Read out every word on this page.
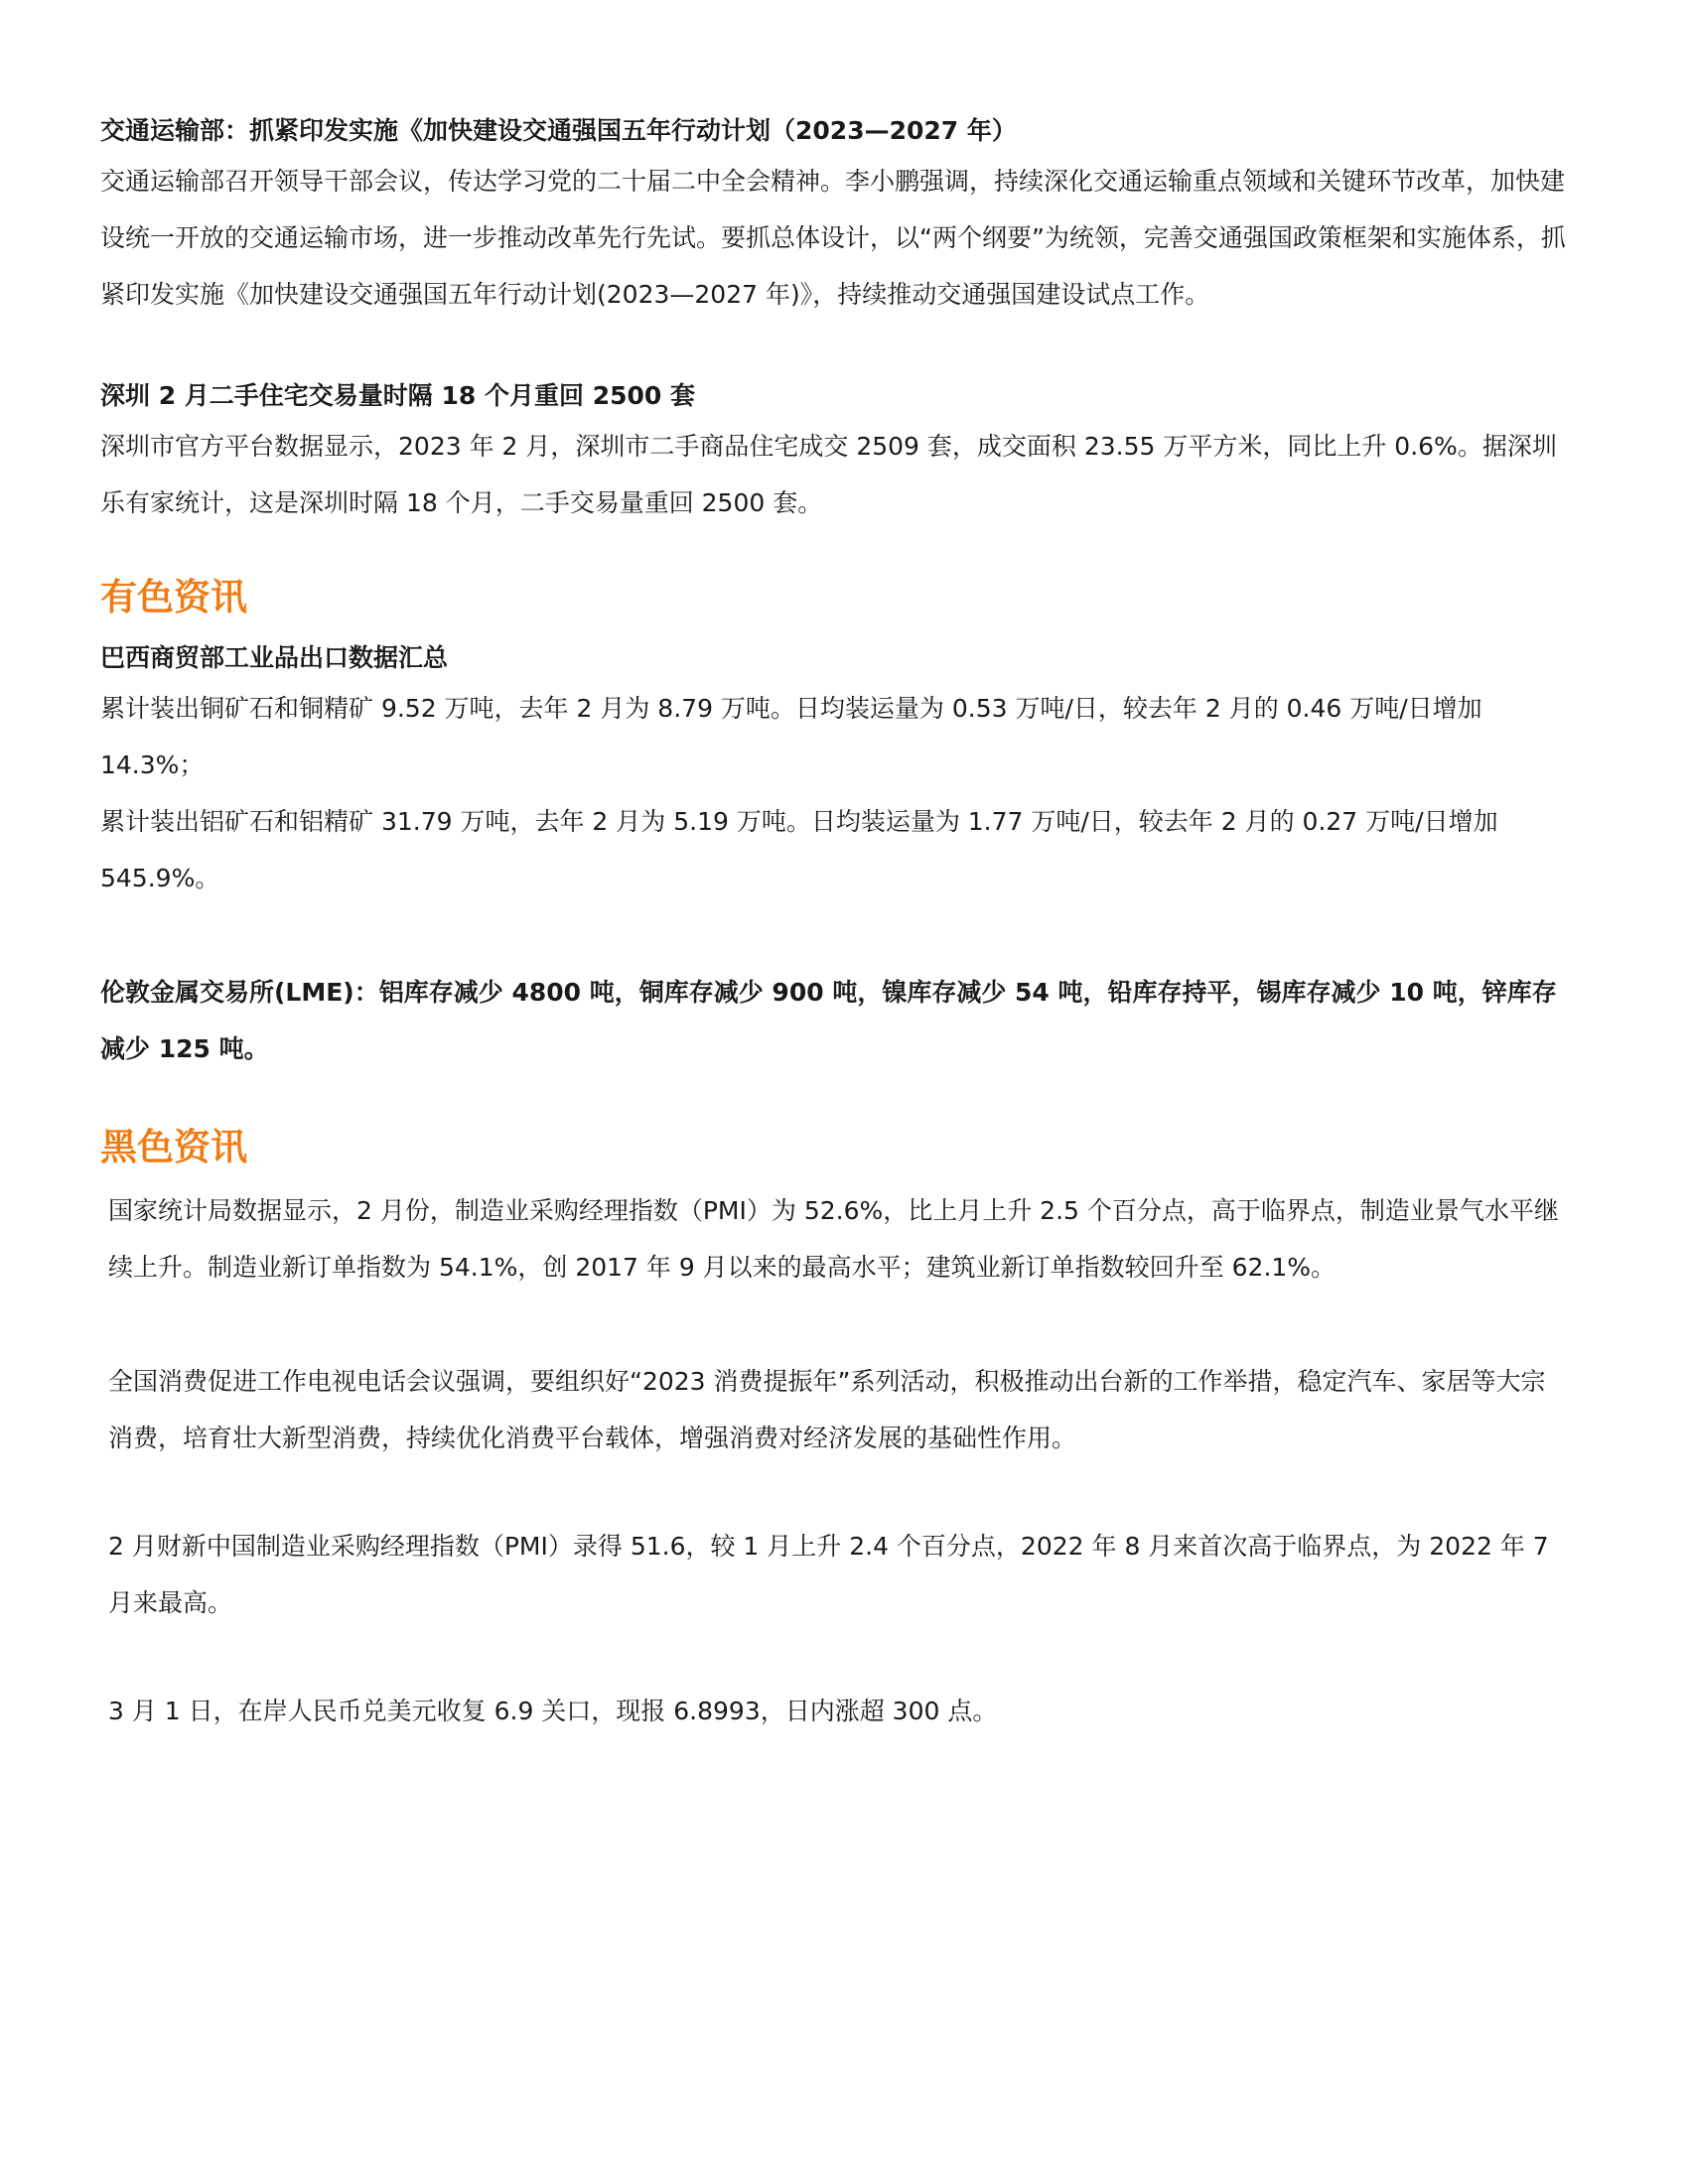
交通运输部：抓紧印发实施《加快建设交通强国五年行动计划（2023—2027 年）

交通运输部召开领导干部会议，传达学习党的二十届二中全会精神。李小鹏强调，持续深化交通运输重点领域和关键环节改革，加快建设统一开放的交通运输市场，进一步推动改革先行先试。要抓总体设计，以“两个纲要”为统领，完善交通强国政策框架和实施体系，抓紧印发实施《加快建设交通强国五年行动计划(2023—2027 年)》，持续推动交通强国建设试点工作。

深圳 2 月二手住宅交易量时隔 18 个月重回 2500 套

深圳市官方平台数据显示，2023 年 2 月，深圳市二手商品住宅成交 2509 套，成交面积 23.55 万平方米，同比上升 0.6%。据深圳乐有家统计，这是深圳时隔 18 个月，二手交易量重回 2500 套。

有色资讯

巴西商贸部工业品出口数据汇总

累计装出铜矿石和铜精矿 9.52 万吨，去年 2 月为 8.79 万吨。日均装运量为 0.53 万吨/日，较去年 2 月的 0.46 万吨/日增加 14.3%；

累计装出铝矿石和铝精矿 31.79 万吨，去年 2 月为 5.19 万吨。日均装运量为 1.77 万吨/日，较去年 2 月的 0.27 万吨/日增加 545.9%。

伦敦金属交易所(LME)：铝库存减少 4800 吨，铜库存减少 900 吨，镍库存减少 54 吨，铅库存持平，锡库存减少 10 吨，锌库存减少 125 吨。

黑色资讯

国家统计局数据显示，2 月份，制造业采购经理指数（PMI）为 52.6%，比上月上升 2.5 个百分点，高于临界点，制造业景气水平继续上升。制造业新订单指数为 54.1%，创 2017 年 9 月以来的最高水平；建筑业新订单指数较回升至 62.1%。

全国消费促进工作电视电话会议强调，要组织好“2023 消费提振年”系列活动，积极推动出台新的工作举措，稳定汽车、家居等大宗消费，培育壮大新型消费，持续优化消费平台载体，增强消费对经济发展的基础性作用。

2 月财新中国制造业采购经理指数（PMI）录得 51.6，较 1 月上升 2.4 个百分点，2022 年 8 月来首次高于临界点，为 2022 年 7 月来最高。

3 月 1 日，在岸人民币兑美元收复 6.9 关口，现报 6.8993，日内涨超 300 点。
